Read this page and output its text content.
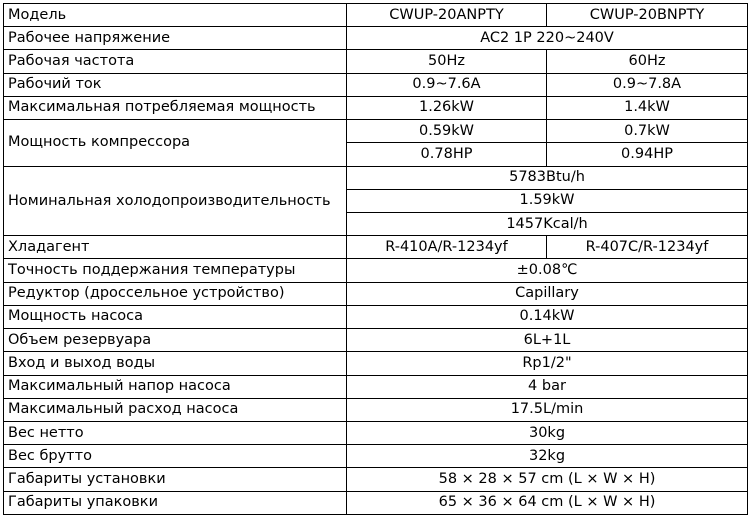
Модель	CWUP-20ANPTY	CWUP-20BNPTY
Рабочее напряжение	AC2 1P 220~240V	
Рабочая частота	50Hz	60Hz
Рабочий ток	0.9~7.6A	0.9~7.8A
Максимальная потребляемая мощность	1.26kW	1.4kW
Мощность компрессора	0.59kW	0.7kW
	0.78HP	0.94HP
Номинальная холодопроизводительность	5783Btu/h	
	1.59kW	
	1457Kcal/h	
Хладагент	R-410A/R-1234yf	R-407C/R-1234yf
Точность поддержания температуры	±0.08℃	
Редуктор (дроссельное устройство)	Capillary	
Мощность насоса	0.14kW	
Объем резервуара	6L+1L	
Вход и выход воды	Rp1/2"	
Максимальный напор насоса	4 bar	
Максимальный расход насоса	17.5L/min	
Вес нетто	30kg	
Вес брутто	32kg	
Габариты установки	58 × 28 × 57 cm (L × W × H)	
Габариты упаковки	65 × 36 × 64 cm (L × W × H)	
